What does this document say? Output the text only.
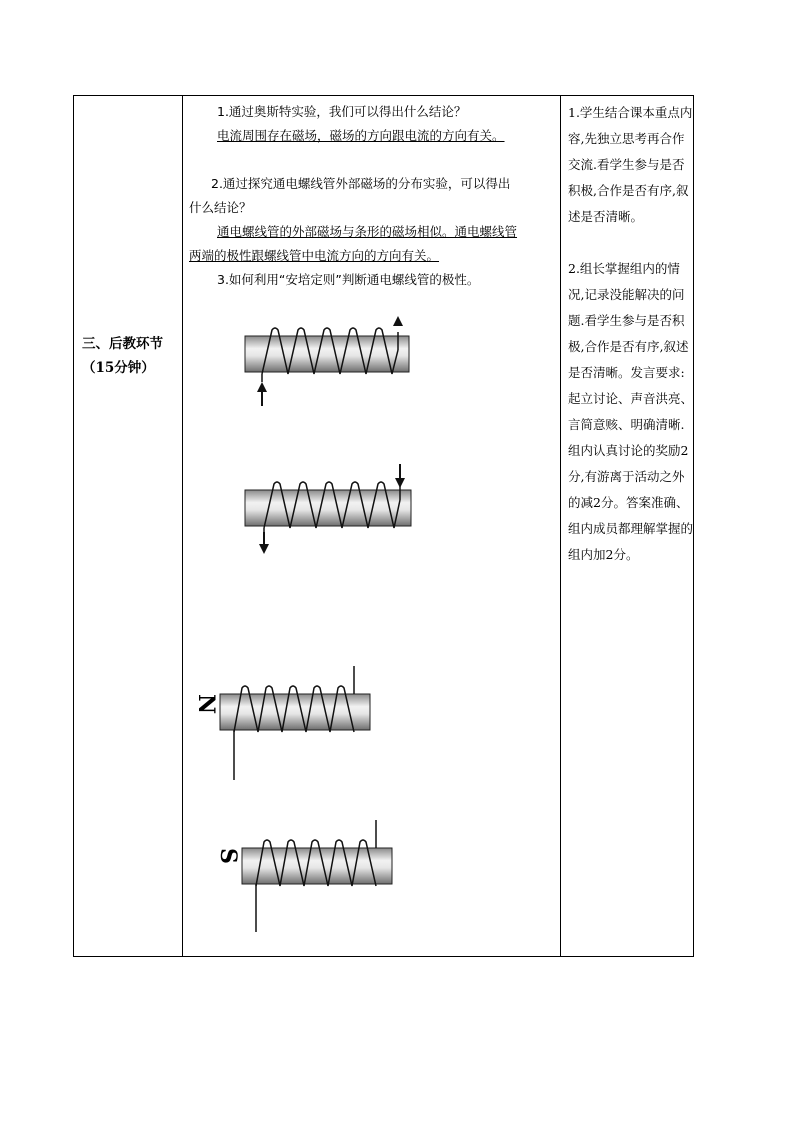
三、后教环节
（15分钟）

1.通过奥斯特实验，我们可以得出什么结论？

电流周围存在磁场，磁场的方向跟电流的方向有关。

2.通过探究通电螺线管外部磁场的分布实验，可以得出

什么结论？

通电螺线管的外部磁场与条形的磁场相似。通电螺线管

两端的极性跟螺线管中电流方向的方向有关。

3.如何利用“安培定则”判断通电螺线管的极性。

1.学生结合课本重点内容,先独立思考再合作交流.看学生参与是否积极,合作是否有序,叙述是否清晰。

2.组长掌握组内的情况,记录没能解决的问题.看学生参与是否积极,合作是否有序,叙述是否清晰。发言要求:起立讨论、声音洪亮、言简意赅、明确清晰.组内认真讨论的奖励2分,有游离于活动之外的减2分。答案准确、组内成员都理解掌握的组内加2分。

N
S
